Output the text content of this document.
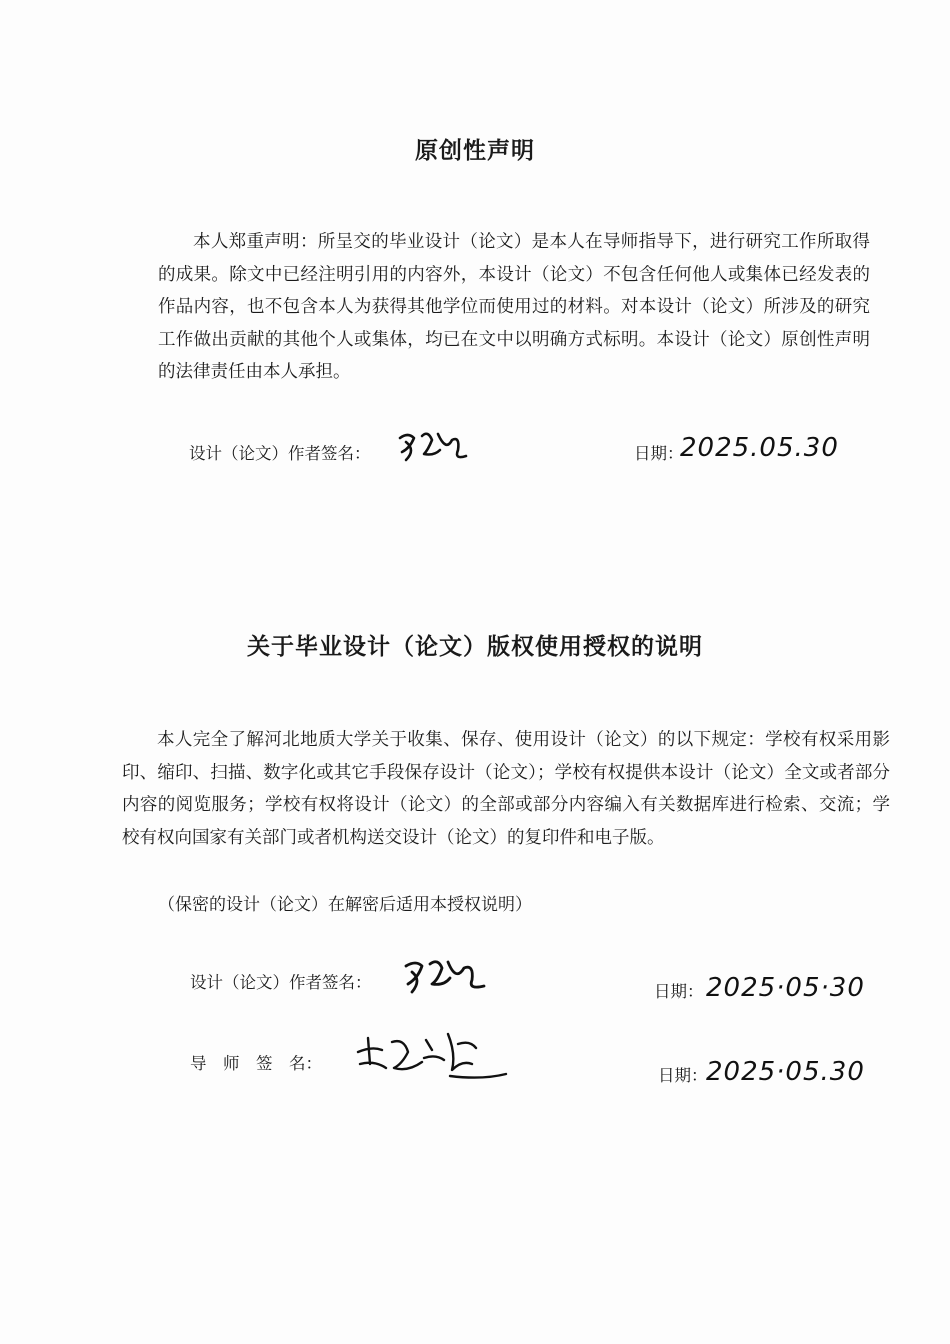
原创性声明

本人郑重声明：所呈交的毕业设计（论文）是本人在导师指导下，进行研究工作所取得的成果。除文中已经注明引用的内容外，本设计（论文）不包含任何他人或集体已经发表的作品内容，也不包含本人为获得其他学位而使用过的材料。对本设计（论文）所涉及的研究工作做出贡献的其他个人或集体，均已在文中以明确方式标明。本设计（论文）原创性声明的法律责任由本人承担。

设计（论文）作者签名：	日期：
2025.05.30
关于毕业设计（论文）版权使用授权的说明

本人完全了解河北地质大学关于收集、保存、使用设计（论文）的以下规定：学校有权采用影印、缩印、扫描、数字化或其它手段保存设计（论文）；学校有权提供本设计（论文）全文或者部分内容的阅览服务；学校有权将设计（论文）的全部或部分内容编入有关数据库进行检索、交流；学校有权向国家有关部门或者机构送交设计（论文）的复印件和电子版。

（保密的设计（论文）在解密后适用本授权说明）

设计（论文）作者签名：	日期： 2025·05·30
导　师　签　名：
日期：
2025·05.30
